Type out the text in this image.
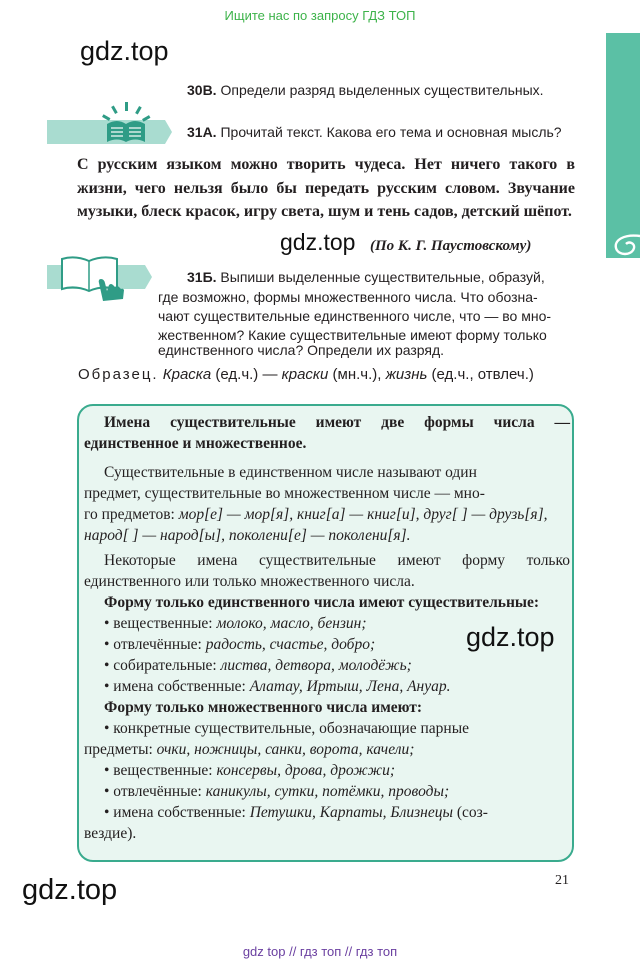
Ищите нас по запросу ГДЗ ТОП
gdz.top
30В. Определи разряд выделенных существительных.
31А. Прочитай текст. Какова его тема и основная мысль?
С русским языком можно творить чудеса. Нет ничего такого в жизни, чего нельзя было бы передать русским словом. Звучание музыки, блеск красок, игру света, шум и тень садов, детский шёпот.
gdz.top (По К. Г. Паустовскому)
31Б. Выпиши выделенные существительные, образуй,
где возможно, формы множественного числа. Что обозна-
чают существительные единственного числе, что — во мно-
жественном? Какие существительные имеют форму только
единственного числа? Определи их разряд.
Образец. Краска (ед.ч.) — краски (мн.ч.), жизнь (ед.ч., отвлеч.)

Имена существительные имеют две формы числа — единственное и множественное.

Существительные в единственном числе называют один

предмет, существительные во множественном числе — мно-

го предметов: мор[е] — мор[я], книг[а] — книг[и], друг[ ] — друзь[я],

народ[ ] — народ[ы], поколени[е] — поколени[я].

Некоторые имена существительные имеют форму только единственного или только множественного числа.

Форму только единственного числа имеют существительные:

• вещественные: молоко, масло, бензин;

• отвлечённые: радость, счастье, добро;

• собирательные: листва, детвора, молодёжь;

• имена собственные: Алатау, Иртыш, Лена, Ануар.

Форму только множественного числа имеют:

• конкретные существительные, обозначающие парные

предметы: очки, ножницы, санки, ворота, качели;

• вещественные: консервы, дрова, дрожжи;

• отвлечённые: каникулы, сутки, потёмки, проводы;

• имена собственные: Петушки, Карпаты, Близнецы (соз-

вездие).

gdz.top
21
gdz.top
gdz top // гдз топ // гдз топ
